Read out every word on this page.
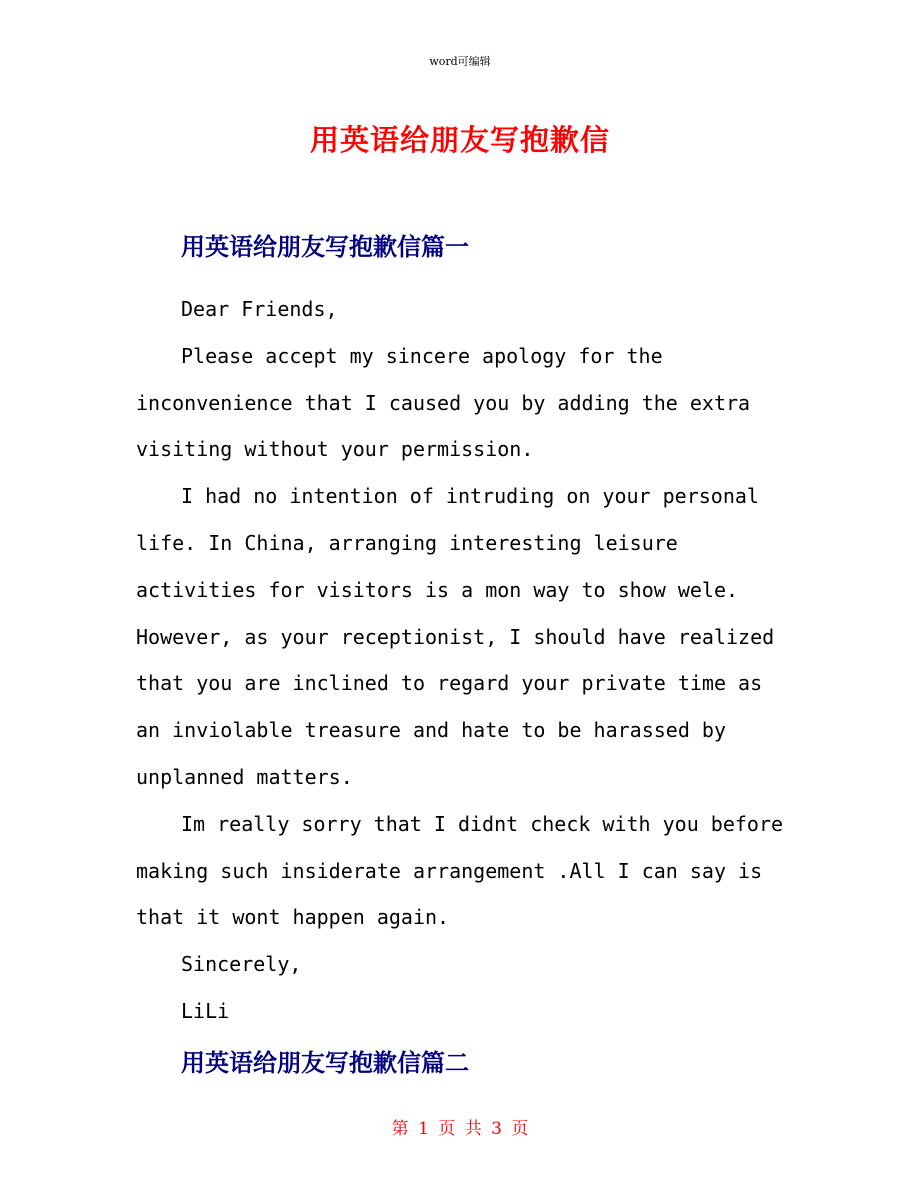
word可编辑
用英语给朋友写抱歉信
用英语给朋友写抱歉信篇一

Dear Friends,

Please accept my sincere apology for the

inconvenience that I caused you by adding the extra

visiting without your permission.

I had no intention of intruding on your personal

life. In China, arranging interesting leisure

activities for visitors is a mon way to show wele.

However, as your receptionist, I should have realized

that you are inclined to regard your private time as

an inviolable treasure and hate to be harassed by

unplanned matters.

Im really sorry that I didnt check with you before

making such insiderate arrangement .All I can say is

that it wont happen again.

Sincerely,

LiLi

用英语给朋友写抱歉信篇二
第 1 页 共 3 页
